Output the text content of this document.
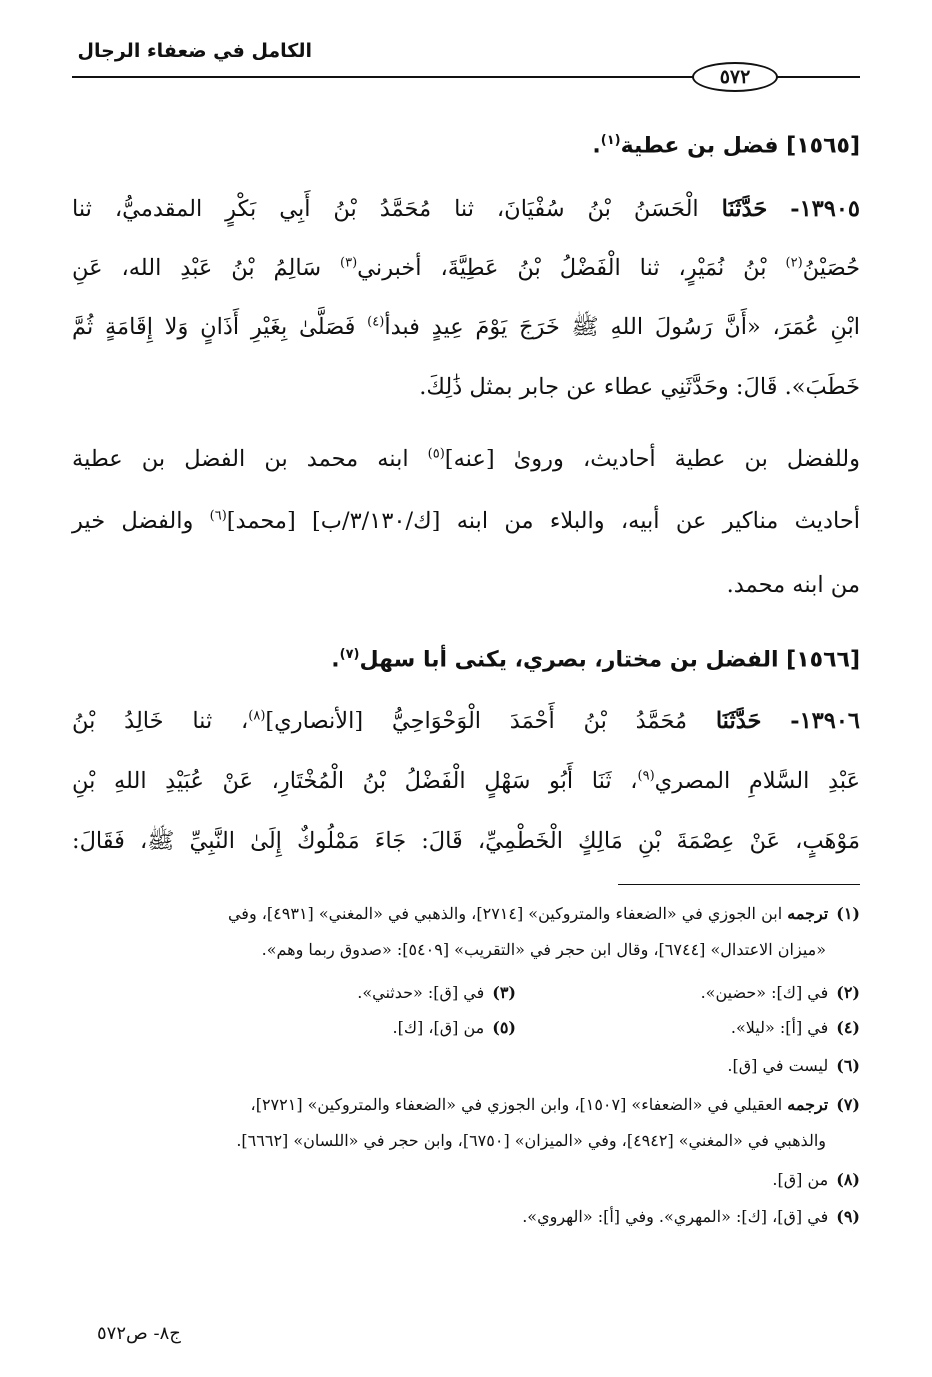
الكامل في ضعفاء الرجال
٥٧٢
[١٥٦٥] فضل بن عطية$^{(١)}$.
١٣٩٠٥- حَدَّثَنَا الْحَسَنُ بْنُ سُفْيَانَ، ثنا مُحَمَّدُ بْنُ أَبِي بَكْرٍ المقدميُّ، ثنا
حُصَيْنُ$^{(٢)}$ بْنُ نُمَيْرٍ، ثنا الْفَضْلُ بْنُ عَطِيَّةَ، أخبرني$^{(٣)}$ سَالِمُ بْنُ عَبْدِ الله، عَنِ
ابْنِ عُمَرَ، «أَنَّ رَسُولَ اللهِ ﷺ خَرَجَ يَوْمَ عِيدٍ فبدأ$^{(٤)}$ فَصَلَّىٰ بِغَيْرِ أَذَانٍ وَلا إِقَامَةٍ ثُمَّ
خَطَبَ». قَالَ: وحَدَّثَنِي عطاء عن جابر بمثل ذَٰلِكَ.
وللفضل بن عطية أحاديث، وروىٰ [عنه]$^{(٥)}$ ابنه محمد بن الفضل بن عطية
أحاديث مناكير عن أبيه، والبلاء من ابنه [ك/٣/١٣٠/ب] [محمد]$^{(٦)}$ والفضل خير
من ابنه محمد.
[١٥٦٦] الفضل بن مختار، بصري، يكنى أبا سهل$^{(٧)}$.
١٣٩٠٦- حَدَّثَنَا مُحَمَّدُ بْنُ أَحْمَدَ الْوَحْوَاحِيُّ [الأنصاري]$^{(٨)}$، ثنا خَالِدُ بْنُ
عَبْدِ السَّلامِ المصري$^{(٩)}$، ثَنَا أَبُو سَهْلٍ الْفَضْلُ بْنُ الْمُخْتَارِ، عَنْ عُبَيْدِ اللهِ بْنِ
مَوْهَبٍ، عَنْ عِصْمَةَ بْنِ مَالِكٍ الْخَطْمِيِّ، قَالَ: جَاءَ مَمْلُوكٌ إِلَىٰ النَّبِيِّ ﷺ، فَقَالَ:
(١)ترجمه ابن الجوزي في «الضعفاء والمتروكين» [٢٧١٤]، والذهبي في «المغني» [٤٩٣١]، وفي
«ميزان الاعتدال» [٦٧٤٤]، وقال ابن حجر في «التقريب» [٥٤٠٩]: «صدوق ربما وهم».
(٢)في [ك]: «حضين».
(٣)في [ق]: «حدثني».
(٤)في [أ]: «ليلا».
(٥)من [ق]، [ك].
(٦)ليست في [ق].
(٧)ترجمه العقيلي في «الضعفاء» [١٥٠٧]، وابن الجوزي في «الضعفاء والمتروكين» [٢٧٢١]،
والذهبي في «المغني» [٤٩٤٢]، وفي «الميزان» [٦٧٥٠]، وابن حجر في «اللسان» [٦٦٦٢].
(٨)من [ق].
(٩)في [ق]، [ك]: «المهري». وفي [أ]: «الهروي».
ج٨- ص٥٧٢
